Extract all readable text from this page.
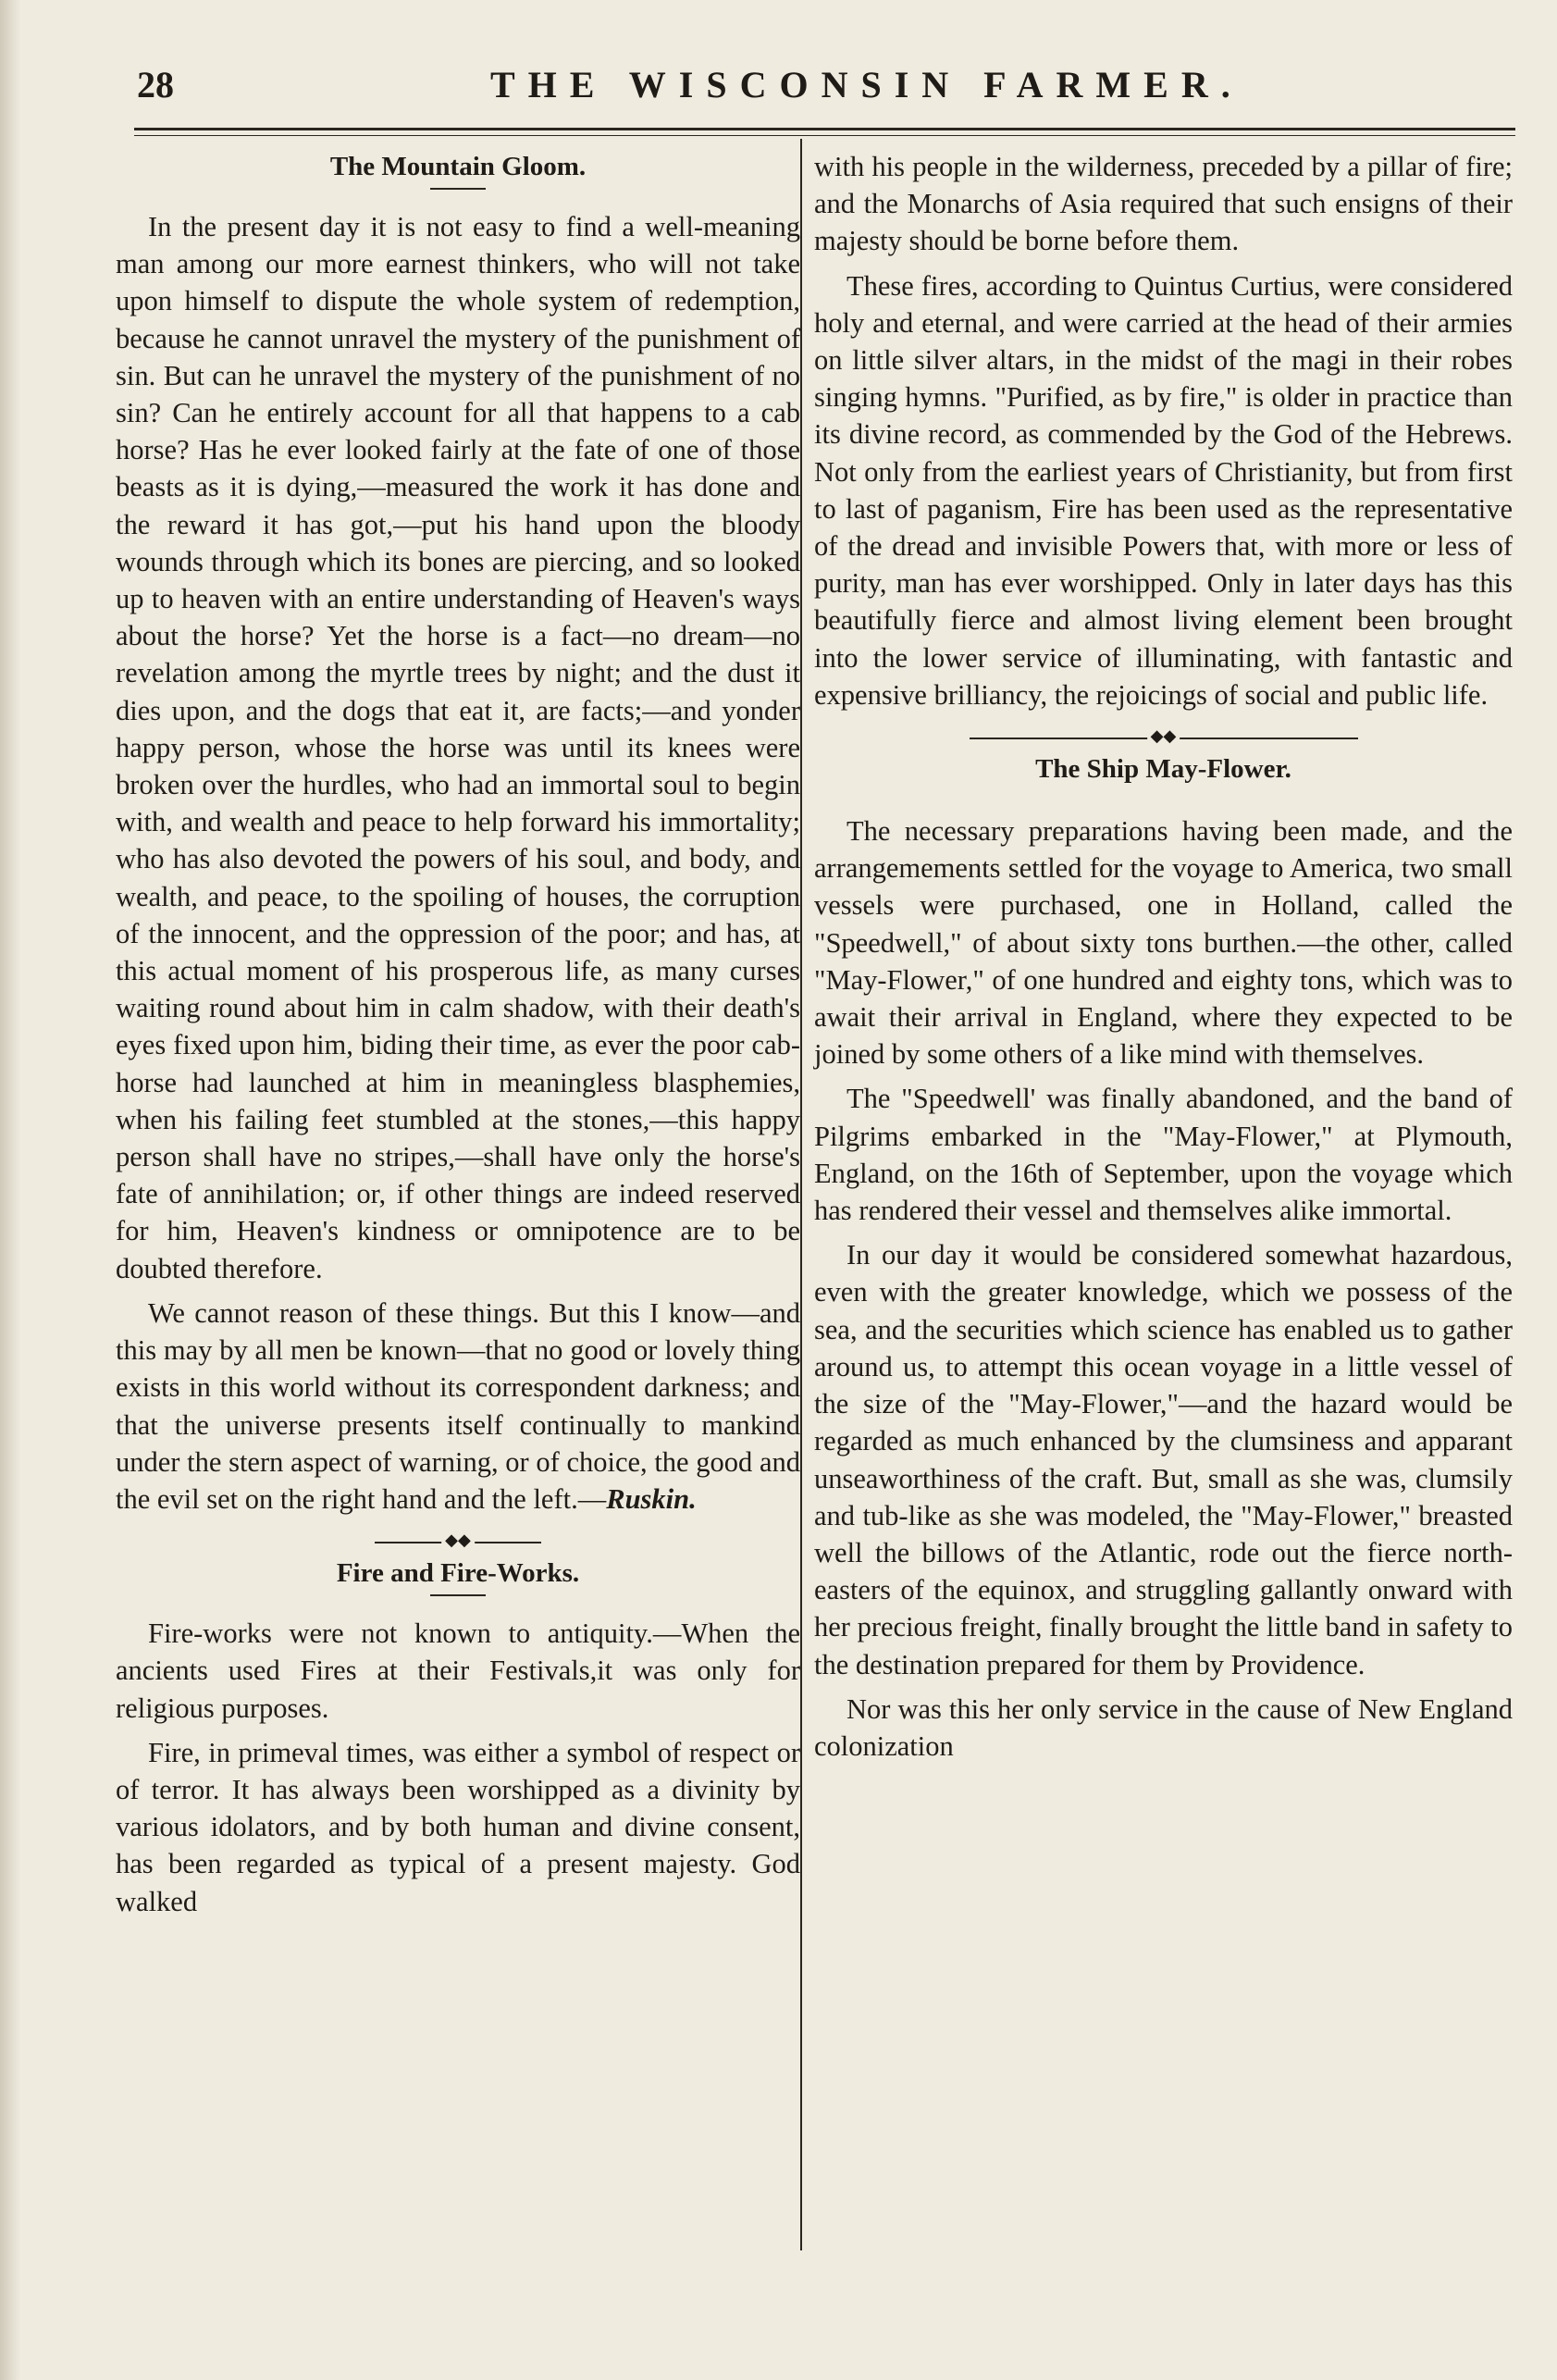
28	THE WISCONSIN FARMER.
The Mountain Gloom.

In the present day it is not easy to find a well-meaning man among our more earnest thinkers, who will not take upon himself to dispute the whole system of redemption, because he cannot unravel the mystery of the punishment of sin. But can he unravel the mystery of the punishment of no sin? Can he entirely account for all that happens to a cab horse? Has he ever looked fairly at the fate of one of those beasts as it is dying,—measured the work it has done and the reward it has got,—put his hand upon the bloody wounds through which its bones are piercing, and so looked up to heaven with an entire understanding of Heaven's ways about the horse? Yet the horse is a fact—no dream—no revelation among the myrtle trees by night; and the dust it dies upon, and the dogs that eat it, are facts;—and yonder happy person, whose the horse was until its knees were broken over the hurdles, who had an immortal soul to begin with, and wealth and peace to help forward his immortality; who has also devoted the powers of his soul, and body, and wealth, and peace, to the spoiling of houses, the corruption of the innocent, and the oppression of the poor; and has, at this actual moment of his prosperous life, as many curses waiting round about him in calm shadow, with their death's eyes fixed upon him, biding their time, as ever the poor cab-horse had launched at him in meaningless blasphemies, when his failing feet stumbled at the stones,—this happy person shall have no stripes,—shall have only the horse's fate of annihilation; or, if other things are indeed reserved for him, Heaven's kindness or omnipotence are to be doubted therefore.

We cannot reason of these things. But this I know—and this may by all men be known—that no good or lovely thing exists in this world without its correspondent darkness; and that the universe presents itself continually to mankind under the stern aspect of warning, or of choice, the good and the evil set on the right hand and the left.—Ruskin.

◆◆
Fire and Fire-Works.

Fire-works were not known to antiquity.—When the ancients used Fires at their Festivals,it was only for religious purposes.

Fire, in primeval times, was either a symbol of respect or of terror. It has always been worshipped as a divinity by various idolators, and by both human and divine consent, has been regarded as typical of a present majesty. God walked

with his people in the wilderness, preceded by a pillar of fire; and the Monarchs of Asia required that such ensigns of their majesty should be borne before them.

These fires, according to Quintus Curtius, were considered holy and eternal, and were carried at the head of their armies on little silver altars, in the midst of the magi in their robes singing hymns. "Purified, as by fire," is older in practice than its divine record, as commended by the God of the Hebrews. Not only from the earliest years of Christianity, but from first to last of paganism, Fire has been used as the representative of the dread and invisible Powers that, with more or less of purity, man has ever worshipped. Only in later days has this beautifully fierce and almost living element been brought into the lower service of illuminating, with fantastic and expensive brilliancy, the rejoicings of social and public life.

◆◆
The Ship May-Flower.

The necessary preparations having been made, and the arrangemements settled for the voyage to America, two small vessels were purchased, one in Holland, called the "Speedwell," of about sixty tons burthen.—the other, called "May-Flower," of one hundred and eighty tons, which was to await their arrival in England, where they expected to be joined by some others of a like mind with themselves.

The "Speedwell' was finally abandoned, and the band of Pilgrims embarked in the "May-Flower," at Plymouth, England, on the 16th of September, upon the voyage which has rendered their vessel and themselves alike immortal.

In our day it would be considered somewhat hazardous, even with the greater knowledge, which we possess of the sea, and the securities which science has enabled us to gather around us, to attempt this ocean voyage in a little vessel of the size of the "May-Flower,"—and the hazard would be regarded as much enhanced by the clumsiness and apparant unseaworthiness of the craft. But, small as she was, clumsily and tub-like as she was modeled, the "May-Flower," breasted well the billows of the Atlantic, rode out the fierce north-easters of the equinox, and struggling gallantly onward with her precious freight, finally brought the little band in safety to the destination prepared for them by Providence.

Nor was this her only service in the cause of New England colonization
